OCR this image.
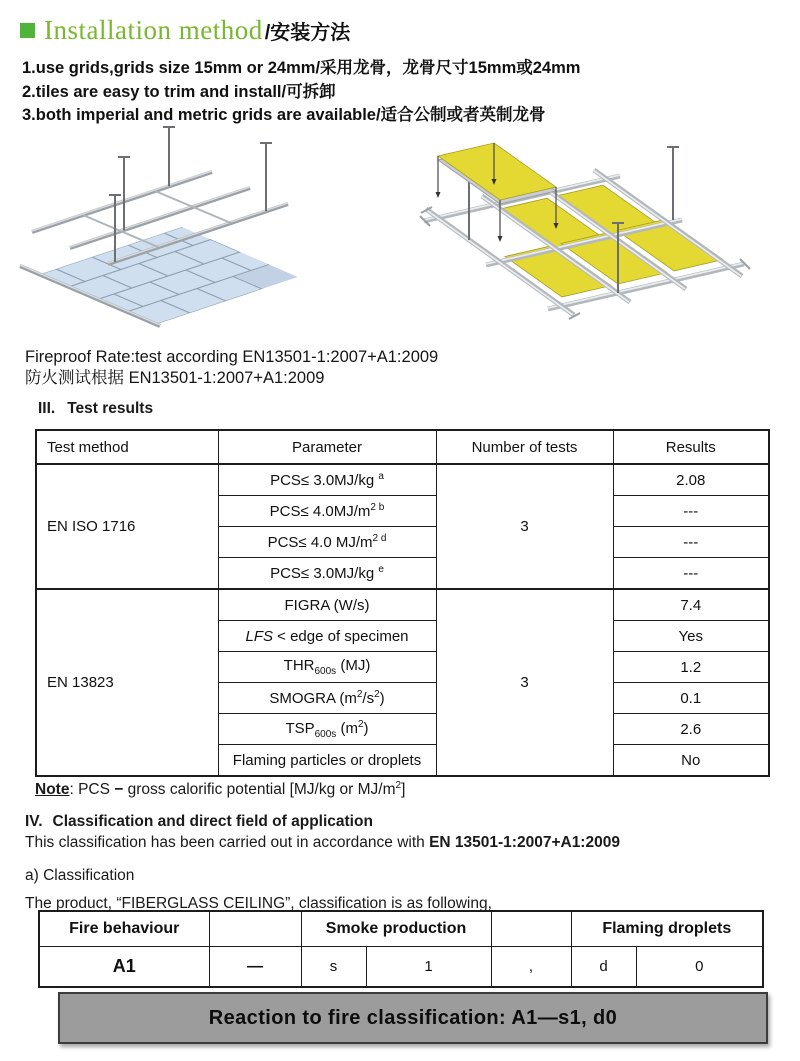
Installation method /安装方法
1.use grids,grids size 15mm or 24mm/采用龙骨，龙骨尺寸15mm或24mm
2.tiles are easy to trim and install/可拆卸
3.both imperial and metric grids are available/适合公制或者英制龙骨
Fireproof Rate:test according EN13501-1:2007+A1:2009
防火测试根据 EN13501-1:2007+A1:2009
III. Test results
Test method	Parameter	Number of tests	Results
EN ISO 1716	PCS≤ 3.0MJ/kg $^a$	3	2.08
	$PCS\le 4.0MJ/m^{2 b}$		---
	PCS≤ 4.0 $MJ/m^{2 d}$		---
	PCS≤ 3.0MJ/kg $^e$		---
EN 13823	FIGRA (W/s)	3	7.4
	LFS < edge of specimen		Yes
	$THR_{600s}$ (MJ)		1.2
	SMOGRA $(m^2/s^2)$		0.1
	$TSP_{600s}$ $(m^2)$		2.6
	Flaming particles or droplets		No
Note: PCS − gross calorific potential [MJ/kg or $MJ/m^2$]

IV. Classification and direct field of application

This classification has been carried out in accordance with EN 13501-1:2007+A1:2009

a) Classification

The product, “FIBERGLASS CEILING”, classification is as following,

Fire behaviour		Smoke production			Flaming droplets	
A1	—	s	1	,	d	0
Reaction to fire classification: A1—s1, d0
